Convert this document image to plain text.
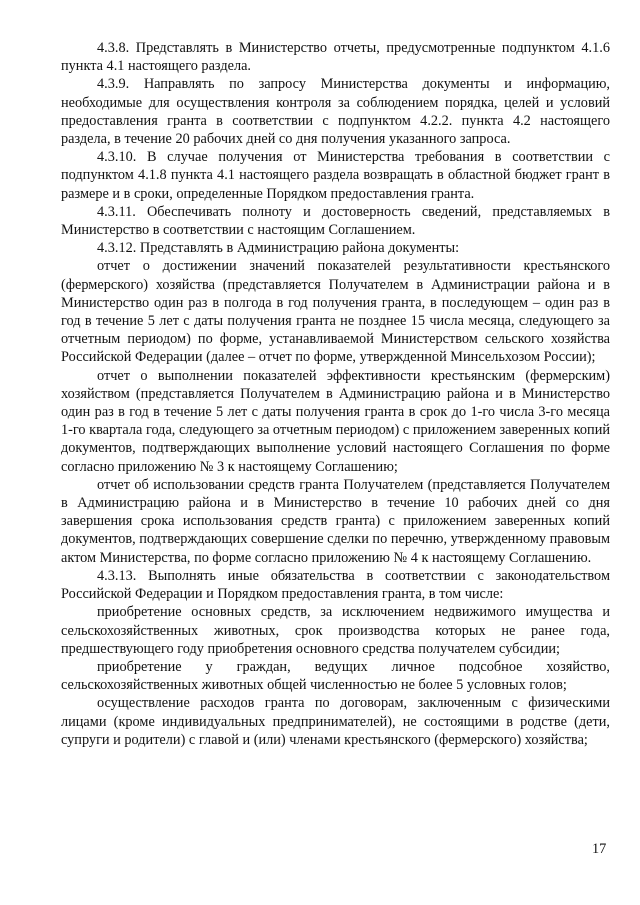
4.3.8. Представлять в Министерство отчеты, предусмотренные подпунктом 4.1.6 пункта 4.1 настоящего раздела.

4.3.9. Направлять по запросу Министерства документы и информацию, необходимые для осуществления контроля за соблюдением порядка, целей и условий предоставления гранта в соответствии с подпунктом 4.2.2. пункта 4.2 настоящего раздела, в течение 20 рабочих дней со дня получения указанного запроса.

4.3.10. В случае получения от Министерства требования в соответствии с подпунктом 4.1.8 пункта 4.1 настоящего раздела возвращать в областной бюджет грант в размере и в сроки, определенные Порядком предоставления гранта.

4.3.11. Обеспечивать полноту и достоверность сведений, представляемых в Министерство в соответствии с настоящим Соглашением.

4.3.12. Представлять в Администрацию района документы:

отчет о достижении значений показателей результативности крестьянского (фермерского) хозяйства (представляется Получателем в Администрации района и в Министерство один раз в полгода в год получения гранта, в последующем – один раз в год в течение 5 лет с даты получения гранта не позднее 15 числа месяца, следующего за отчетным периодом) по форме, устанавливаемой Министерством сельского хозяйства Российской Федерации (далее – отчет по форме, утвержденной Минсельхозом России);

отчет о выполнении показателей эффективности крестьянским (фермерским) хозяйством (представляется Получателем в Администрацию района и в Министерство один раз в год в течение 5 лет с даты получения гранта в срок до 1-го числа 3-го месяца 1-го квартала года, следующего за отчетным периодом) с приложением заверенных копий документов, подтверждающих выполнение условий настоящего Соглашения по форме согласно приложению № 3 к настоящему Соглашению;

отчет об использовании средств гранта Получателем (представляется Получателем в Администрацию района и в Министерство в течение 10 рабочих дней со дня завершения срока использования средств гранта) с приложением заверенных копий документов, подтверждающих совершение сделки по перечню, утвержденному правовым актом Министерства, по форме согласно приложению № 4 к настоящему Соглашению.

4.3.13. Выполнять иные обязательства в соответствии с законодательством Российской Федерации и Порядком предоставления гранта, в том числе:

приобретение основных средств, за исключением недвижимого имущества и сельскохозяйственных животных, срок производства которых не ранее года, предшествующего году приобретения основного средства получателем субсидии;

приобретение у граждан, ведущих личное подсобное хозяйство, сельскохозяйственных животных общей численностью не более 5 условных голов;

осуществление расходов гранта по договорам, заключенным с физическими лицами (кроме индивидуальных предпринимателей), не состоящими в родстве (дети, супруги и родители) с главой и (или) членами крестьянского (фермерского) хозяйства;

17
